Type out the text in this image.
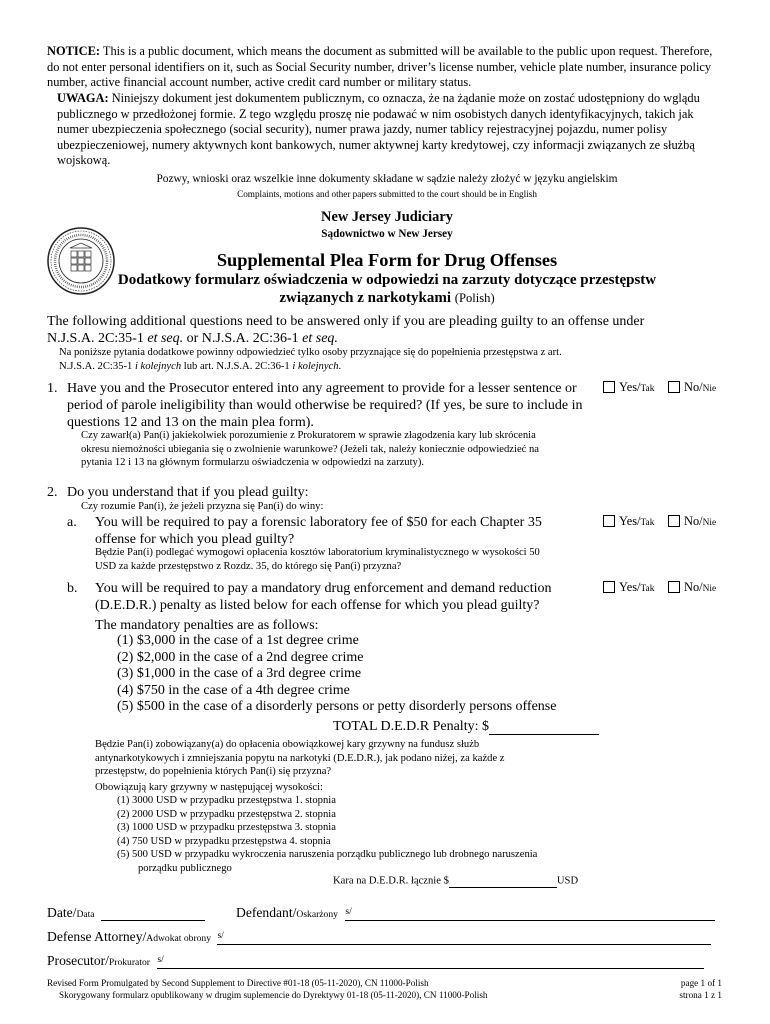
NOTICE: This is a public document, which means the document as submitted will be available to the public upon request. Therefore, do not enter personal identifiers on it, such as Social Security number, driver’s license number, vehicle plate number, insurance policy number, active financial account number, active credit card number or military status.
UWAGA: Niniejszy dokument jest dokumentem publicznym, co oznacza, że na żądanie może on zostać udostępniony do wglądu publicznego w przedłożonej formie. Z tego względu proszę nie podawać w nim osobistych danych identyfikacyjnych, takich jak numer ubezpieczenia społecznego (social security), numer prawa jazdy, numer tablicy rejestracyjnej pojazdu, numer polisy ubezpieczeniowej, numery aktywnych kont bankowych, numer aktywnej karty kredytowej, czy informacji związanych ze służbą wojskową.
Pozwy, wnioski oraz wszelkie inne dokumenty składane w sądzie należy złożyć w języku angielskim
Complaints, motions and other papers submitted to the court should be in English
New Jersey Judiciary
Sądownictwo w New Jersey
Supplemental Plea Form for Drug Offenses
Dodatkowy formularz oświadczenia w odpowiedzi na zarzuty dotyczące przestępstw
związanych z narkotykami (Polish)
The following additional questions need to be answered only if you are pleading guilty to an offense under
N.J.S.A. 2C:35-1 et seq. or N.J.S.A. 2C:36-1 et seq.
Na poniższe pytania dodatkowe powinny odpowiedzieć tylko osoby przyznające się do popełnienia przestępstwa z art.
N.J.S.A. 2C:35-1 i kolejnych lub art. N.J.S.A. 2C:36-1 i kolejnych.
1. Have you and the Prosecutor entered into any agreement to provide for a lesser sentence or
period of parole ineligibility than would otherwise be required? (If yes, be sure to include in
questions 12 and 13 on the main plea form).
Czy zawarł(a) Pan(i) jakiekolwiek porozumienie z Prokuratorem w sprawie złagodzenia kary lub skrócenia
okresu niemożności ubiegania się o zwolnienie warunkowe? (Jeżeli tak, należy koniecznie odpowiedzieć na
pytania 12 i 13 na głównym formularzu oświadczenia w odpowiedzi na zarzuty).
Yes/Tak	No/Nie
2. Do you understand that if you plead guilty:
Czy rozumie Pan(i), że jeżeli przyzna się Pan(i) do winy:
a. You will be required to pay a forensic laboratory fee of $50 for each Chapter 35
offense for which you plead guilty?
Będzie Pan(i) podlegać wymogowi opłacenia kosztów laboratorium kryminalistycznego w wysokości 50
USD za każde przestępstwo z Rozdz. 35, do którego się Pan(i) przyzna?
Yes/Tak	No/Nie
b. You will be required to pay a mandatory drug enforcement and demand reduction
(D.E.D.R.) penalty as listed below for each offense for which you plead guilty?
Yes/Tak	No/Nie
The mandatory penalties are as follows:
(1) $3,000 in the case of a 1st degree crime
(2) $2,000 in the case of a 2nd degree crime
(3) $1,000 in the case of a 3rd degree crime
(4) $750 in the case of a 4th degree crime
(5) $500 in the case of a disorderly persons or petty disorderly persons offense
TOTAL D.E.D.R Penalty: $
Będzie Pan(i) zobowiązany(a) do opłacenia obowiązkowej kary grzywny na fundusz służb
antynarkotykowych i zmniejszania popytu na narkotyki (D.E.D.R.), jak podano niżej, za każde z
przestępstw, do popełnienia których Pan(i) się przyzna?
Obowiązują kary grzywny w następującej wysokości:
(1) 3000 USD w przypadku przestępstwa 1. stopnia
(2) 2000 USD w przypadku przestępstwa 2. stopnia
(3) 1000 USD w przypadku przestępstwa 3. stopnia
(4) 750 USD w przypadku przestępstwa 4. stopnia
(5) 500 USD w przypadku wykroczenia naruszenia porządku publicznego lub drobnego naruszenia
porządku publicznego
Kara na D.E.D.R. łącznie $	USD
Date/Data	Defendant/Oskarżony s/
Defense Attorney/Adwokat obrony s/
Prosecutor/Prokurator s/
Revised Form Promulgated by Second Supplement to Directive #01-18 (05-11-2020), CN 11000-Polish
Skorygowany formularz opublikowany w drugim suplemencie do Dyrektywy 01-18 (05-11-2020), CN 11000-Polish
page 1 of 1
strona 1 z 1
